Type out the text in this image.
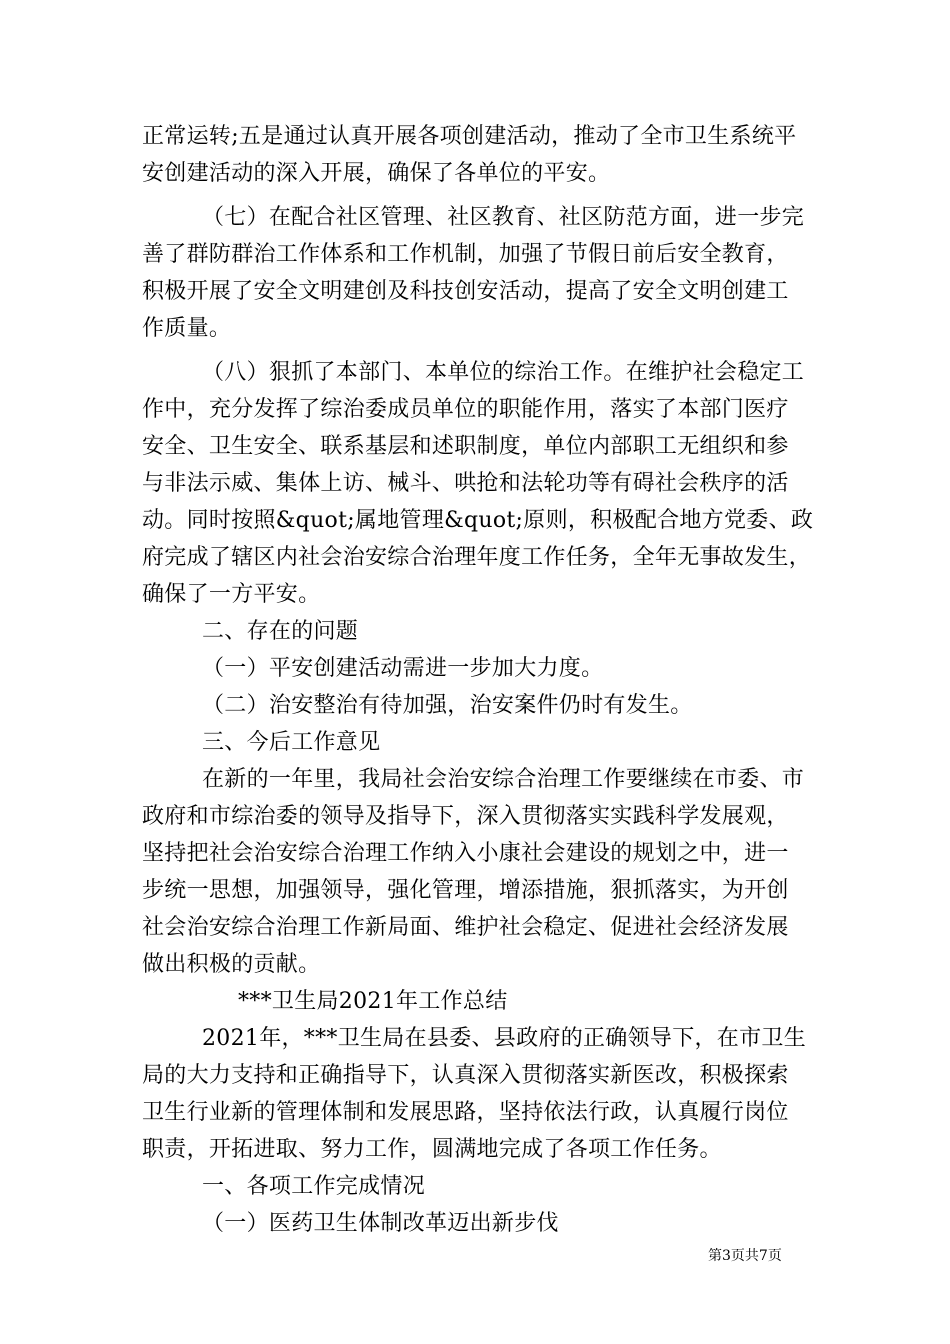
正常运转;五是通过认真开展各项创建活动，推动了全市卫生系统平
安创建活动的深入开展，确保了各单位的平安。
（七）在配合社区管理、社区教育、社区防范方面，进一步完
善了群防群治工作体系和工作机制，加强了节假日前后安全教育，
积极开展了安全文明建创及科技创安活动，提高了安全文明创建工
作质量。
（八）狠抓了本部门、本单位的综治工作。在维护社会稳定工
作中，充分发挥了综治委成员单位的职能作用，落实了本部门医疗
安全、卫生安全、联系基层和述职制度，单位内部职工无组织和参
与非法示威、集体上访、械斗、哄抢和法轮功等有碍社会秩序的活
动。同时按照&quot;属地管理&quot;原则，积极配合地方党委、政
府完成了辖区内社会治安综合治理年度工作任务，全年无事故发生，
确保了一方平安。
二、存在的问题
（一）平安创建活动需进一步加大力度。
（二）治安整治有待加强，治安案件仍时有发生。
三、今后工作意见
在新的一年里，我局社会治安综合治理工作要继续在市委、市
政府和市综治委的领导及指导下，深入贯彻落实实践科学发展观，
坚持把社会治安综合治理工作纳入小康社会建设的规划之中，进一
步统一思想，加强领导，强化管理，增添措施，狠抓落实，为开创
社会治安综合治理工作新局面、维护社会稳定、促进社会经济发展
做出积极的贡献。
***卫生局2021年工作总结
2021年，***卫生局在县委、县政府的正确领导下，在市卫生
局的大力支持和正确指导下，认真深入贯彻落实新医改，积极探索
卫生行业新的管理体制和发展思路，坚持依法行政，认真履行岗位
职责，开拓进取、努力工作，圆满地完成了各项工作任务。
一、各项工作完成情况
（一）医药卫生体制改革迈出新步伐
第3页共7页
